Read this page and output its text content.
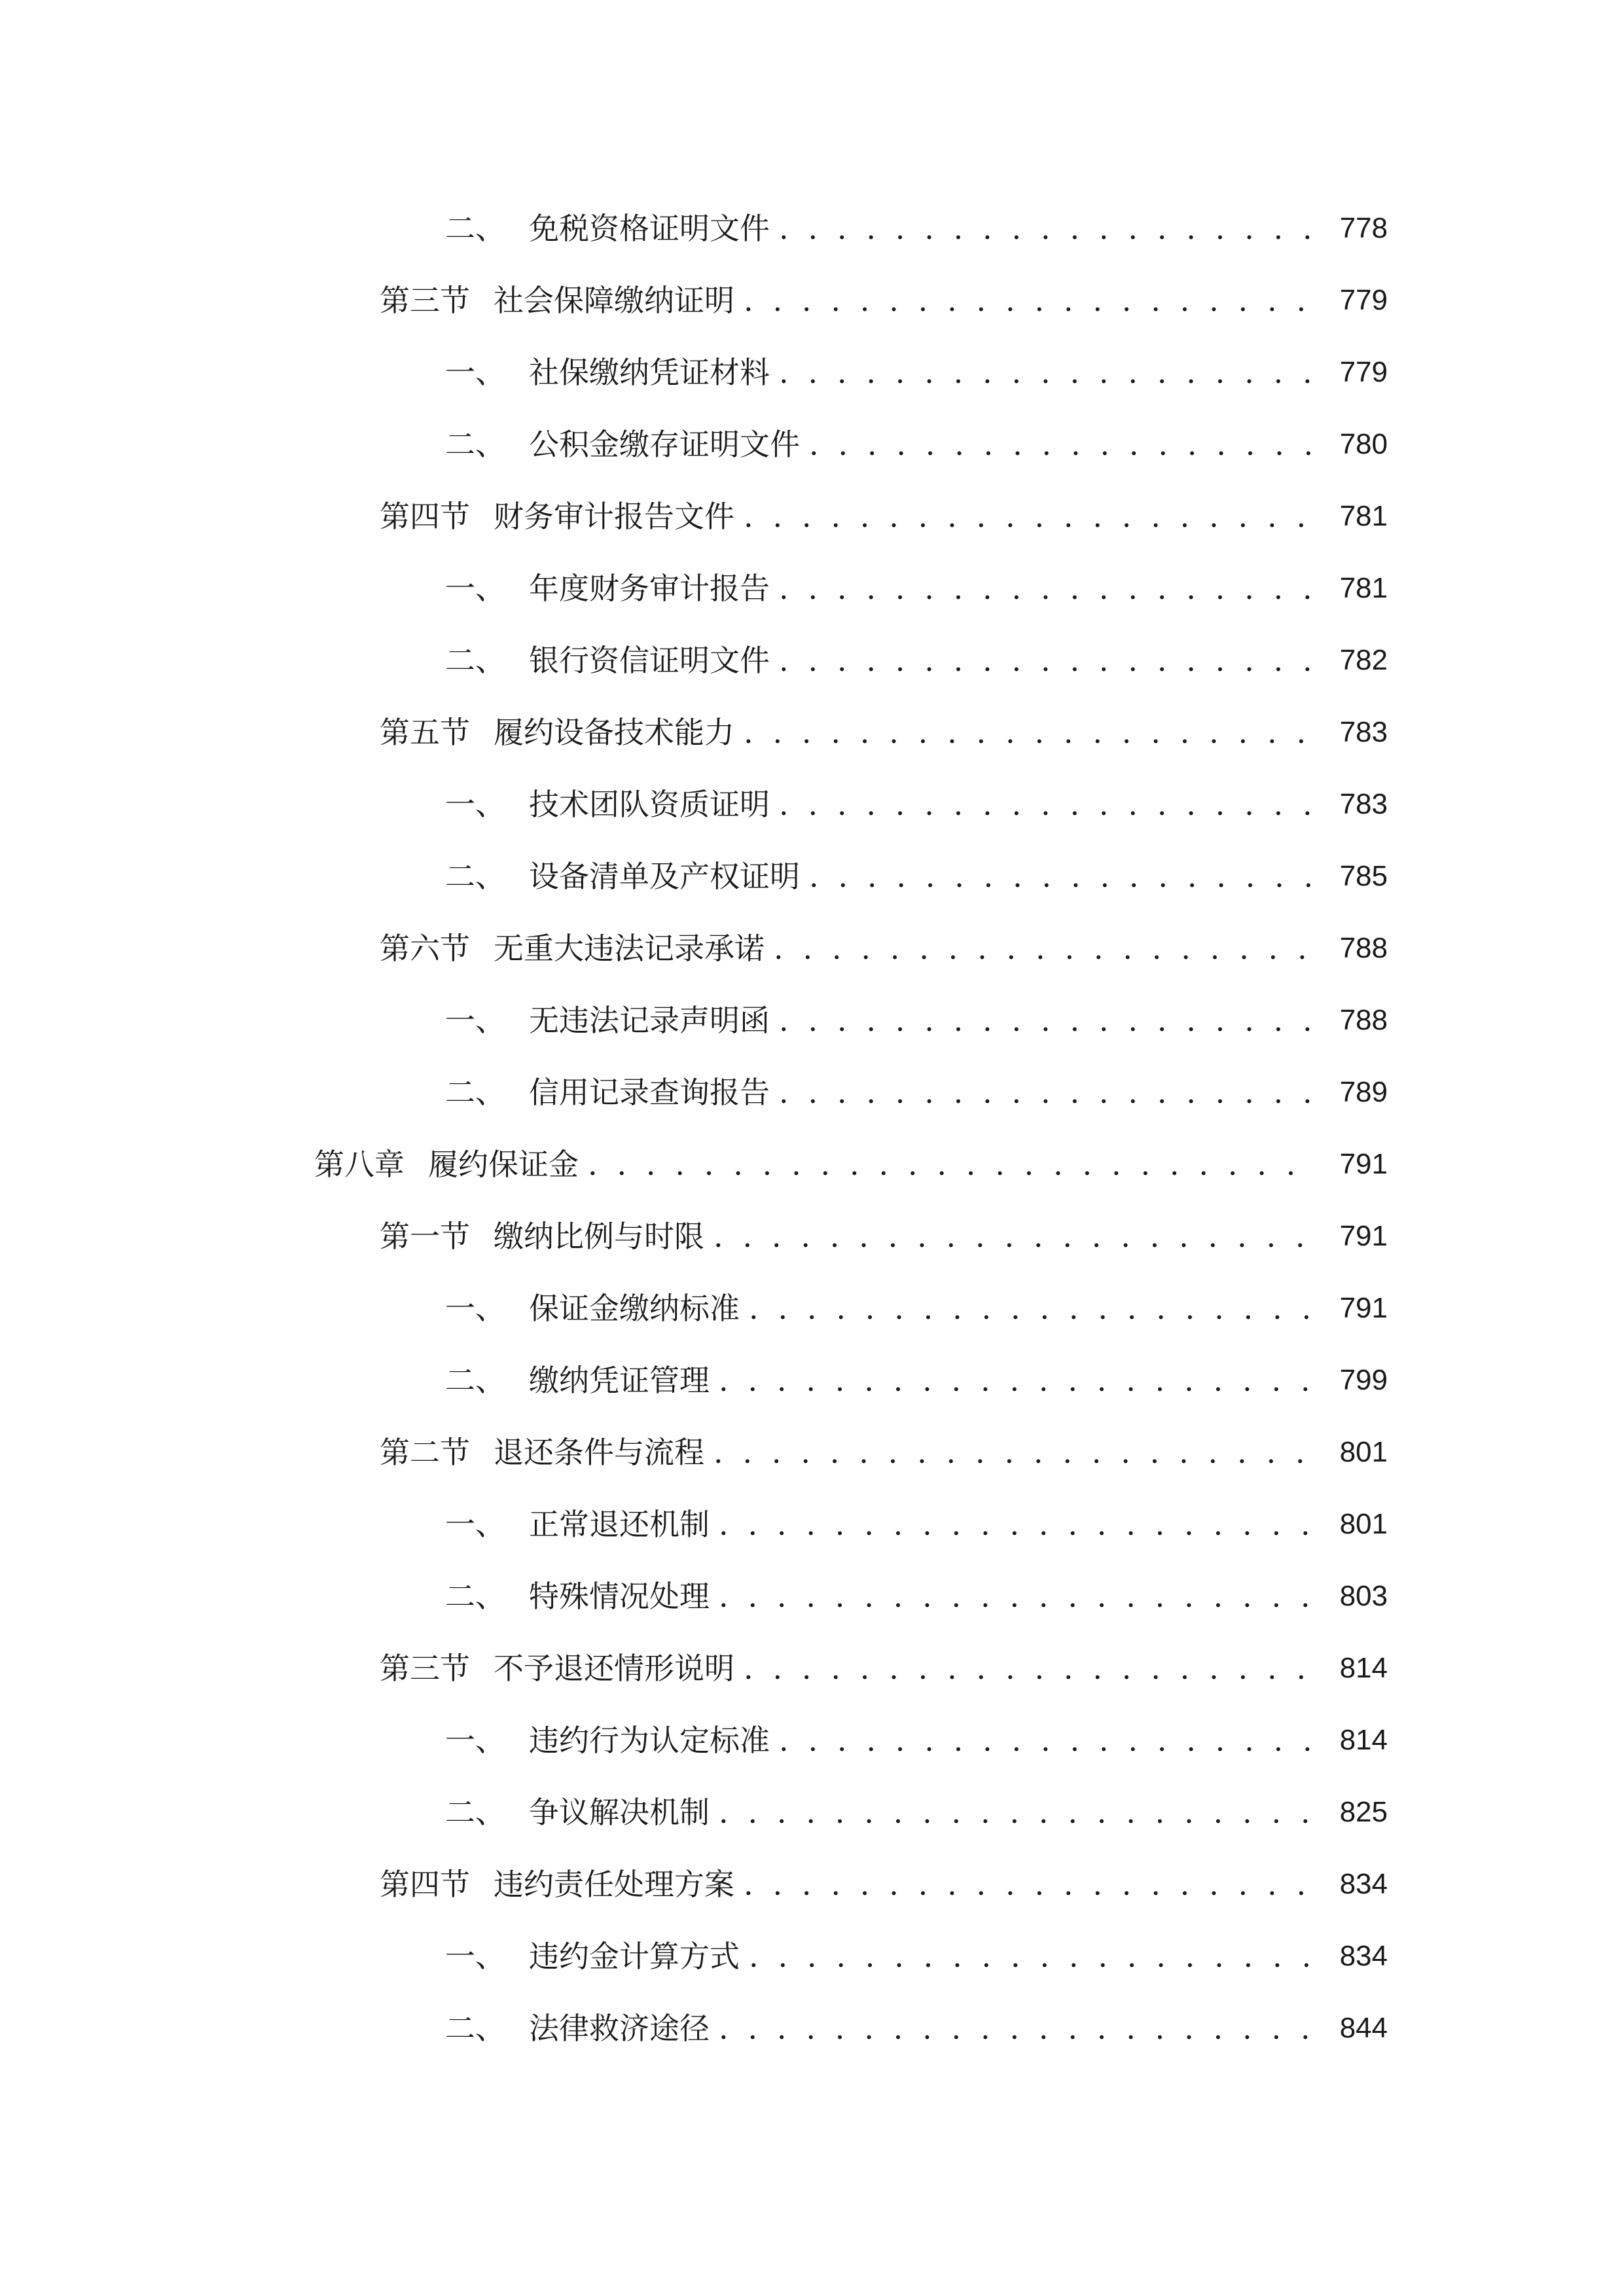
二、 免税资格证明文件 . . .	778
第三节 社会保障缴纳证明 . . .	779
一、 社保缴纳凭证材料 . . .	779
二、 公积金缴存证明文件 . . .	780
第四节 财务审计报告文件 . . .	781
一、 年度财务审计报告 . . .	781
二、 银行资信证明文件 . . .	782
第五节 履约设备技术能力 . . .	783
一、 技术团队资质证明 . . .	783
二、 设备清单及产权证明 . . .	785
第六节 无重大违法记录承诺 . . .	788
一、 无违法记录声明函 . . .	788
二、 信用记录查询报告 . . .	789
第八章 履约保证金 . . .	791
第一节 缴纳比例与时限 . . .	791
一、 保证金缴纳标准 . . .	791
二、 缴纳凭证管理 . . .	799
第二节 退还条件与流程 . . .	801
一、 正常退还机制 . . .	801
二、 特殊情况处理 . . .	803
第三节 不予退还情形说明 . . .	814
一、 违约行为认定标准 . . .	814
二、 争议解决机制 . . .	825
第四节 违约责任处理方案 . . .	834
一、 违约金计算方式 . . .	834
二、 法律救济途径 . . .	844
